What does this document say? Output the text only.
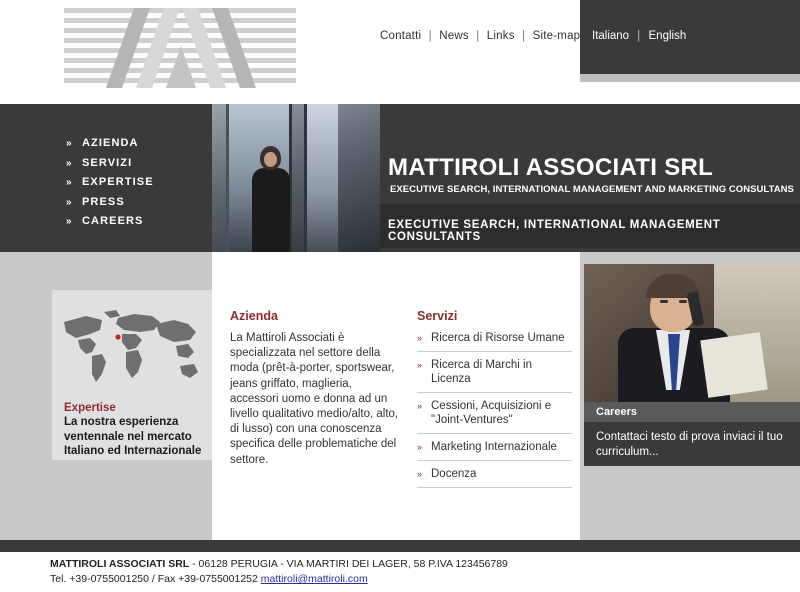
Contatti | News | Links | Site-map Italiano | English
» AZIENDA
» SERVIZI
» EXPERTISE
» PRESS
» CAREERS
MATTIROLI ASSOCIATI SRL
EXECUTIVE SEARCH, INTERNATIONAL MANAGEMENT AND MARKETING CONSULTANS
EXECUTIVE SEARCH, INTERNATIONAL MANAGEMENT CONSULTANTS
Expertise
La nostra esperienza ventennale nel mercato Italiano ed Internazionale
Azienda
La Mattiroli Associati è specializzata nel settore della moda (prêt-à-porter, sportswear, jeans griffato, maglieria, accessori uomo e donna ad un livello qualitativo medio/alto, alto, di lusso) con una conoscenza specifica delle problematiche del settore.
Servizi
» Ricerca di Risorse Umane
» Ricerca di Marchi in Licenza
» Cessioni, Acquisizioni e "Joint-Ventures"
» Marketing Internazionale
» Docenza
Careers
Contattaci testo di prova inviaci il tuo curriculum...
MATTIROLI ASSOCIATI SRL - 06128 PERUGIA - VIA MARTIRI DEI LAGER, 58 P.IVA 123456789
Tel. +39-0755001250 / Fax +39-0755001252 mattiroli@mattiroli.com
